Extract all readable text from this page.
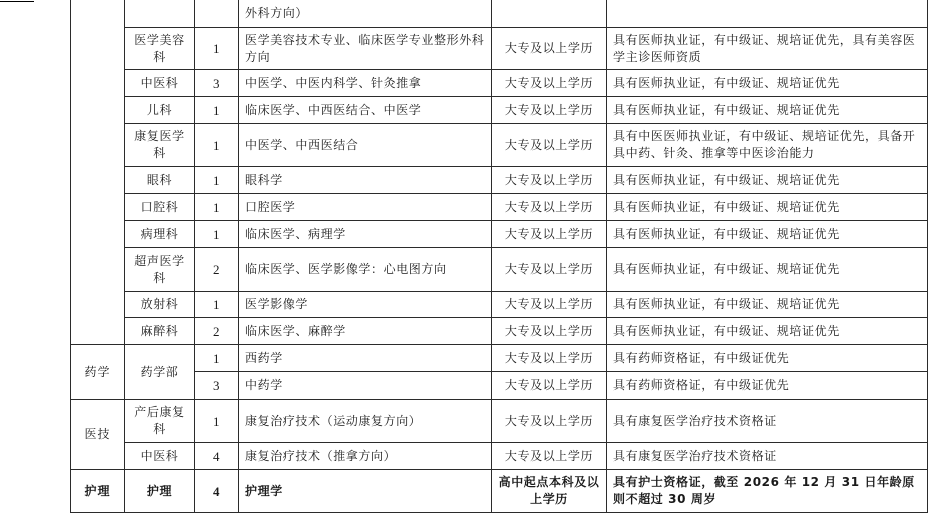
			外科方向）		
	医学美容科	1	医学美容技术专业、临床医学专业整形外科方向	大专及以上学历	具有医师执业证，有中级证、规培证优先，具有美容医学主诊医师资质
	中医科	3	中医学、中医内科学、针灸推拿	大专及以上学历	具有医师执业证，有中级证、规培证优先
	儿科	1	临床医学、中西医结合、中医学	大专及以上学历	具有医师执业证，有中级证、规培证优先
	康复医学科	1	中医学、中西医结合	大专及以上学历	具有中医医师执业证，有中级证、规培证优先，具备开具中药、针灸、推拿等中医诊治能力
	眼科	1	眼科学	大专及以上学历	具有医师执业证，有中级证、规培证优先
	口腔科	1	口腔医学	大专及以上学历	具有医师执业证，有中级证、规培证优先
	病理科	1	临床医学、病理学	大专及以上学历	具有医师执业证，有中级证、规培证优先
	超声医学科	2	临床医学、医学影像学：心电图方向	大专及以上学历	具有医师执业证，有中级证、规培证优先
	放射科	1	医学影像学	大专及以上学历	具有医师执业证，有中级证、规培证优先
	麻醉科	2	临床医学、麻醉学	大专及以上学历	具有医师执业证，有中级证、规培证优先
药学	药学部	1	西药学	大专及以上学历	具有药师资格证，有中级证优先
		3	中药学	大专及以上学历	具有药师资格证，有中级证优先
医技	产后康复科	1	康复治疗技术（运动康复方向）	大专及以上学历	具有康复医学治疗技术资格证
	中医科	4	康复治疗技术（推拿方向）	大专及以上学历	具有康复医学治疗技术资格证
护理	护理	4	护理学	高中起点本科及以上学历	具有护士资格证，截至 2026 年 12 月 31 日年龄原则不超过 30 周岁
